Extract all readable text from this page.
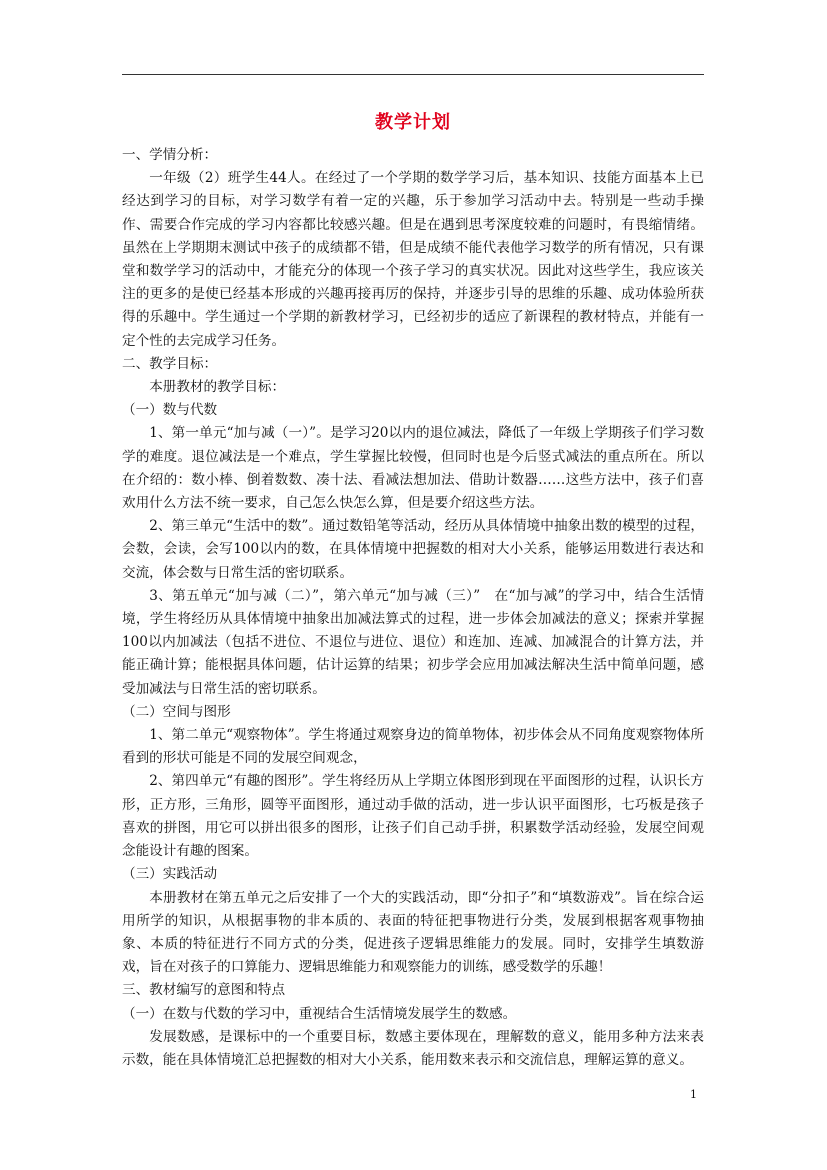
教学计划

一、学情分析：

一年级（2）班学生44人。在经过了一个学期的数学学习后，基本知识、技能方面基本上已经达到学习的目标，对学习数学有着一定的兴趣，乐于参加学习活动中去。特别是一些动手操作、需要合作完成的学习内容都比较感兴趣。但是在遇到思考深度较难的问题时，有畏缩情绪。虽然在上学期期末测试中孩子的成绩都不错，但是成绩不能代表他学习数学的所有情况，只有课堂和数学学习的活动中，才能充分的体现一个孩子学习的真实状况。因此对这些学生，我应该关注的更多的是使已经基本形成的兴趣再接再厉的保持，并逐步引导的思维的乐趣、成功体验所获得的乐趣中。学生通过一个学期的新教材学习，已经初步的适应了新课程的教材特点，并能有一定个性的去完成学习任务。

二、教学目标：

本册教材的教学目标：

（一）数与代数

1、第一单元“加与减（一）”。是学习20以内的退位减法，降低了一年级上学期孩子们学习数学的难度。退位减法是一个难点，学生掌握比较慢，但同时也是今后竖式减法的重点所在。所以在介绍的：数小棒、倒着数数、凑十法、看减法想加法、借助计数器……这些方法中，孩子们喜欢用什么方法不统一要求，自己怎么快怎么算，但是要介绍这些方法。

2、第三单元“生活中的数”。通过数铅笔等活动，经历从具体情境中抽象出数的模型的过程，会数，会读，会写100以内的数，在具体情境中把握数的相对大小关系，能够运用数进行表达和交流，体会数与日常生活的密切联系。

3、第五单元“加与减（二）”，第六单元“加与减（三）”　在“加与减”的学习中，结合生活情境，学生将经历从具体情境中抽象出加减法算式的过程，进一步体会加减法的意义；探索并掌握100以内加减法（包括不进位、不退位与进位、退位）和连加、连减、加减混合的计算方法，并能正确计算；能根据具体问题，估计运算的结果；初步学会应用加减法解决生活中简单问题，感受加减法与日常生活的密切联系。

（二）空间与图形

1、第二单元“观察物体”。学生将通过观察身边的简单物体，初步体会从不同角度观察物体所看到的形状可能是不同的发展空间观念，

2、第四单元“有趣的图形”。学生将经历从上学期立体图形到现在平面图形的过程，认识长方形，正方形，三角形，圆等平面图形，通过动手做的活动，进一步认识平面图形，七巧板是孩子喜欢的拼图，用它可以拼出很多的图形，让孩子们自己动手拼，积累数学活动经验，发展空间观念能设计有趣的图案。

（三）实践活动

本册教材在第五单元之后安排了一个大的实践活动，即“分扣子”和“填数游戏”。旨在综合运用所学的知识，从根据事物的非本质的、表面的特征把事物进行分类，发展到根据客观事物抽象、本质的特征进行不同方式的分类，促进孩子逻辑思维能力的发展。同时，安排学生填数游戏，旨在对孩子的口算能力、逻辑思维能力和观察能力的训练，感受数学的乐趣！

三、教材编写的意图和特点

（一）在数与代数的学习中，重视结合生活情境发展学生的数感。

发展数感，是课标中的一个重要目标，数感主要体现在，理解数的意义，能用多种方法来表示数，能在具体情境汇总把握数的相对大小关系，能用数来表示和交流信息，理解运算的意义。

1
